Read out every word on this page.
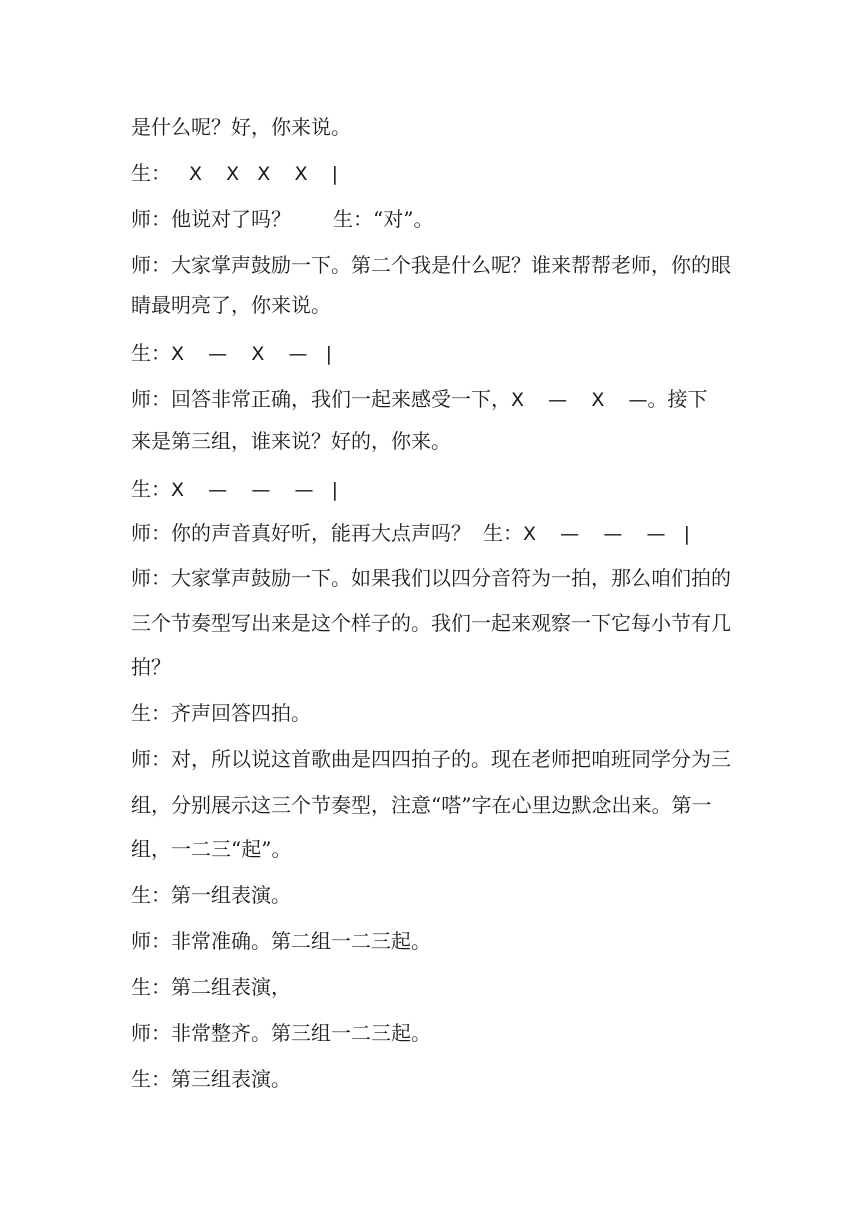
是什么呢？好，你来说。
生： X    X   X    X    |
师：他说对了吗？ 生：“对”。
师：大家掌声鼓励一下。第二个我是什么呢？谁来帮帮老师，你的眼
睛最明亮了，你来说。
生：X    —    X    —   |
师：回答非常正确，我们一起来感受一下，X    —    X    —。接下
来是第三组，谁来说？好的，你来。
生：X    —    —    —   |
师：你的声音真好听，能再大点声吗？ 生：X    —    —    —   |
师：大家掌声鼓励一下。如果我们以四分音符为一拍，那么咱们拍的
三个节奏型写出来是这个样子的。我们一起来观察一下它每小节有几
拍？
生：齐声回答四拍。
师：对，所以说这首歌曲是四四拍子的。现在老师把咱班同学分为三
组，分别展示这三个节奏型，注意“嗒”字在心里边默念出来。第一
组，一二三“起”。
生：第一组表演。
师：非常准确。第二组一二三起。
生：第二组表演，
师：非常整齐。第三组一二三起。
生：第三组表演。
